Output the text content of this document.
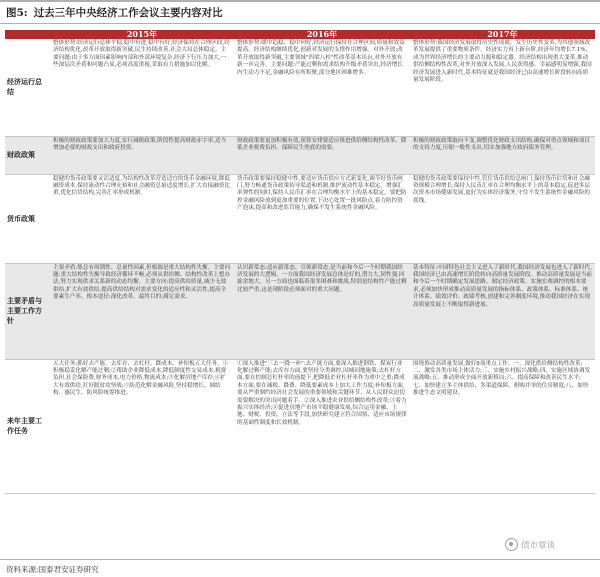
图5: 过去三年中央经济工作会议主要内容对比
	2015年	2016年	2017年
经济运行总结	整体形势:经济运行总体平稳,稳中有进,稳中有好,经济保持在合理区间,经济结构优化,改革开放取得新突破,民生持续改善,社会大局总体稳定。主要问题:由于多方面因素影响内部和外部环境复杂,经济下行压力加大,一些深层次矛盾和问题凸显,必须高度重视,采取有力措施加以化解。	整体形势:缓中趋稳、稳中向好,经济运行保持在合理区间,质量和效益提高。经济结构继续优化,创新对发展的支撑作用增强。对外开放:改革开放取得新突破,主要领域"四梁八柱"性改革基本出台,对外开放有新一步完善。主要问题:产能过剩和需求结构升级矛盾突出,经济增长内生动力不足,金融风险有所积聚,部分地区困难增多。	整体形势:我国经济发展取得历史性成就、发生历史性变革,为其他领域改革发展提供了重要物质条件。经济实力再上新台阶,经济年均增长7.1%,成为世界经济增长的主要动力源和稳定器。经济结构出现重大变革,推动供给侧结构性改革,对外开放深入发展,人民获得感、幸福感明显增强,我国经济发展进入新时代,基本特征就是我国经济已由高速增长阶段转向高质量发展阶段。
财政政策	积极的财政政策要加大力度,实行减税政策,阶段性提高财政赤字率,适当增加必要的财政支出和政府投资。	财政政策要更加积极有效,预算安排要适应推进供给侧结构性改革、降低企业税费负担、保障民生兜底的需要。	积极的财政政策取向不变,调整优化财政支出结构,确保对重点领域和项目的支持力度,压缩一般性支出,切实加强地方政府债务管理。
货币政策	稳健的货币政策要灵活适度,为结构性改革营造适宜的货币金融环境,降低融资成本,保持流动性合理充裕和社会融资总量适度增长,扩大直接融资比重,优化信贷结构,完善汇率形成机制。	货币政策要保持稳健中性,要适应货币供应方式新变化,调节好货币闸门,努力畅通货币政策传导渠道和机制,维护流动性基本稳定。增强汇率弹性的同时,保持人民币汇率在合理均衡水平上的基本稳定。要把防控金融风险放到更加重要的位置,下决心处置一批风险点,着力防控资产泡沫,提高和改进监管能力,确保不发生系统性金融风险。	稳健的货币政策要保持中性,管住货币供给总闸门,保持货币信贷和社会融资规模合理增长,保持人民币汇率在合理均衡水平上的基本稳定,促进多层次资本市场健康发展,更好为实体经济服务,守住不发生系统性金融风险的底线。
主要矛盾与主要工作方针	主要矛盾:集总有周期性、总量性因素,但根源是重大结构性失衡。主要问题:重大结构性失衡导致经济循环不畅,必须从供给侧、结构性改革上想办法,努力实现供求关系新的动态均衡。主要方向:提高供给质量,减少无效供给,扩大有效供给,提高供给结构对需求变化的适应性和灵活性,提高全要素生产率。根本途径:深化改革。最终目的:满足需求。	认识新常态:适应新常态、引领新常态,是当前和今后一个时期我国经济发展的大逻辑。一方面我国经济发展总体是好的,潜力大,韧性强,回旋余地大。另一方面也面临着很多困难和挑战,特别是结构性产能过剩比较严重,这是现阶段必须面对的重大问题。	基本特征:中国特色社会主义进入了新时代,我国经济发展也进入了新时代,我国经济已由高速增长阶段转向高质量发展阶段。推动高质量发展是当前和今后一个时期确定发展思路、制定经济政策、实施宏观调控的根本要求,必须加快形成推动高质量发展的指标体系、政策体系、标准体系、统计体系、绩效评价、政绩考核,创建和完善制度环境,推动我国经济在实现高质量发展上不断取得新进展。
来年主要工作任务	五大任务:抓好去产能、去库存、去杠杆、降成本、补短板五大任务。①积极稳妥化解产能过剩;②帮助企业降低成本,降低制度性交易成本,税费负担,社会保险费,财务成本,电力价格,物流成本;③化解房地产库存;④扩大有效供给,打好脱贫攻坚战;⑤防范化解金融风险,坚持稳增长、调结构、惠民生、防风险统筹推进。	①深入推进"三去一降一补":去产能方面,要深入推进钢铁、煤炭行业化解过剩产能;去库存方面,要坚持分类调控,因城因地施策;去杠杆方面,要在控制总杠杆率的前提下,把降低企业杠杆率作为重中之重;降成本方面,要在减税、降费、降低要素成本上加大工作力度;补短板方面,要从严重制约经济社会发展的重要领域和关键环节、从人民群众迫切需要解决的突出问题着手。②深入推进农业供给侧结构性改革;③着力振兴实体经济;④促进房地产市场平稳健康发展,综合运用金融、土地、财税、投资、立法等手段,加快研究建立符合国情、适应市场规律的基础性制度和长效机制。	围绕推动高质量发展,做好8项重点工作。一、深化供给侧结构性改革;二、激发各类市场主体活力;三、实施乡村振兴战略;四、实施区域协调发展战略;五、推动形成全面开放新格局;六、提高保障和改善民生水平;七、加快建立多主体供给、多渠道保障、租购并举的住房制度;八、加快推进生态文明建设。
债市覃谈
资料来源:国泰君安证券研究
